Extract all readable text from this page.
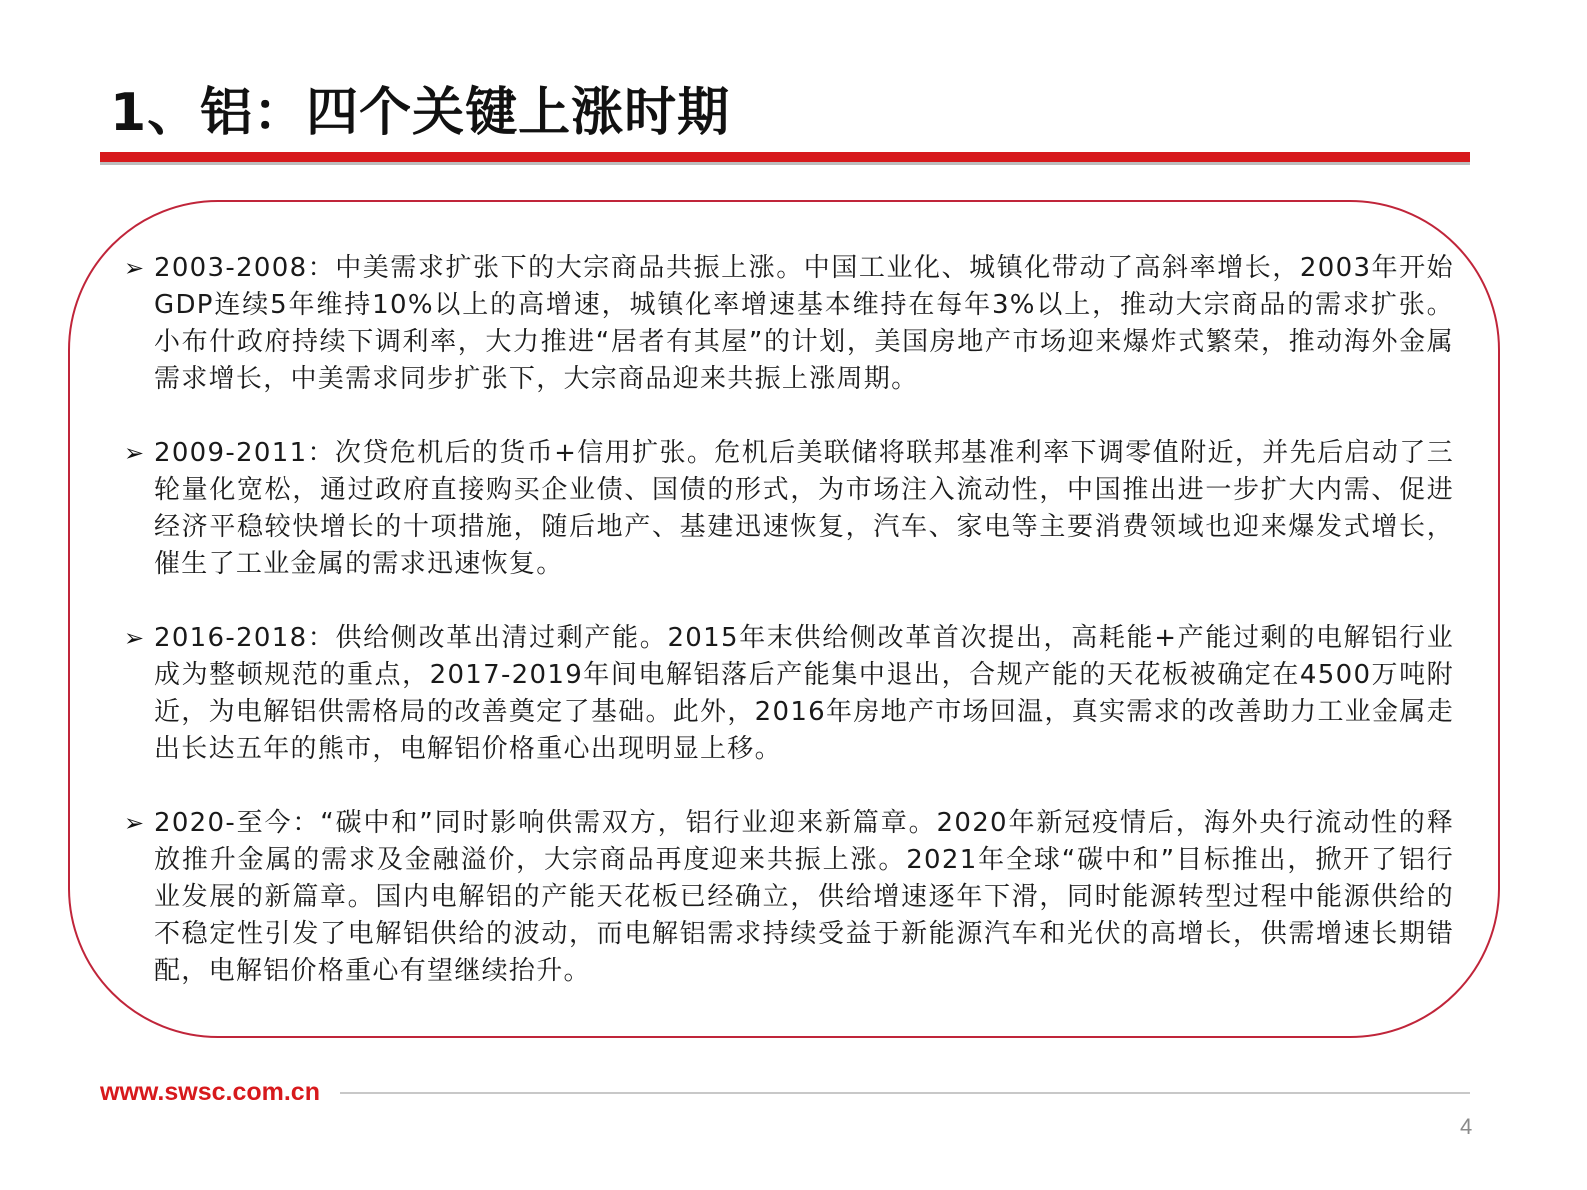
1、铝：四个关键上涨时期
➢ 2003-2008：中美需求扩张下的大宗商品共振上涨。中国工业化、城镇化带动了高斜率增长，2003年开始GDP连续5年维持10%以上的高增速，城镇化率增速基本维持在每年3%以上，推动大宗商品的需求扩张。小布什政府持续下调利率，大力推进“居者有其屋”的计划，美国房地产市场迎来爆炸式繁荣，推动海外金属需求增长，中美需求同步扩张下，大宗商品迎来共振上涨周期。
➢ 2009-2011：次贷危机后的货币+信用扩张。危机后美联储将联邦基准利率下调零值附近，并先后启动了三轮量化宽松，通过政府直接购买企业债、国债的形式，为市场注入流动性，中国推出进一步扩大内需、促进经济平稳较快增长的十项措施，随后地产、基建迅速恢复，汽车、家电等主要消费领域也迎来爆发式增长，催生了工业金属的需求迅速恢复。
➢ 2016-2018：供给侧改革出清过剩产能。2015年末供给侧改革首次提出，高耗能+产能过剩的电解铝行业成为整顿规范的重点，2017-2019年间电解铝落后产能集中退出，合规产能的天花板被确定在4500万吨附近，为电解铝供需格局的改善奠定了基础。此外，2016年房地产市场回温，真实需求的改善助力工业金属走出长达五年的熊市，电解铝价格重心出现明显上移。
➢ 2020-至今：“碳中和”同时影响供需双方，铝行业迎来新篇章。2020年新冠疫情后，海外央行流动性的释放推升金属的需求及金融溢价，大宗商品再度迎来共振上涨。2021年全球“碳中和”目标推出，掀开了铝行业发展的新篇章。国内电解铝的产能天花板已经确立，供给增速逐年下滑，同时能源转型过程中能源供给的不稳定性引发了电解铝供给的波动，而电解铝需求持续受益于新能源汽车和光伏的高增长，供需增速长期错配，电解铝价格重心有望继续抬升。
www.swsc.com.cn
4
